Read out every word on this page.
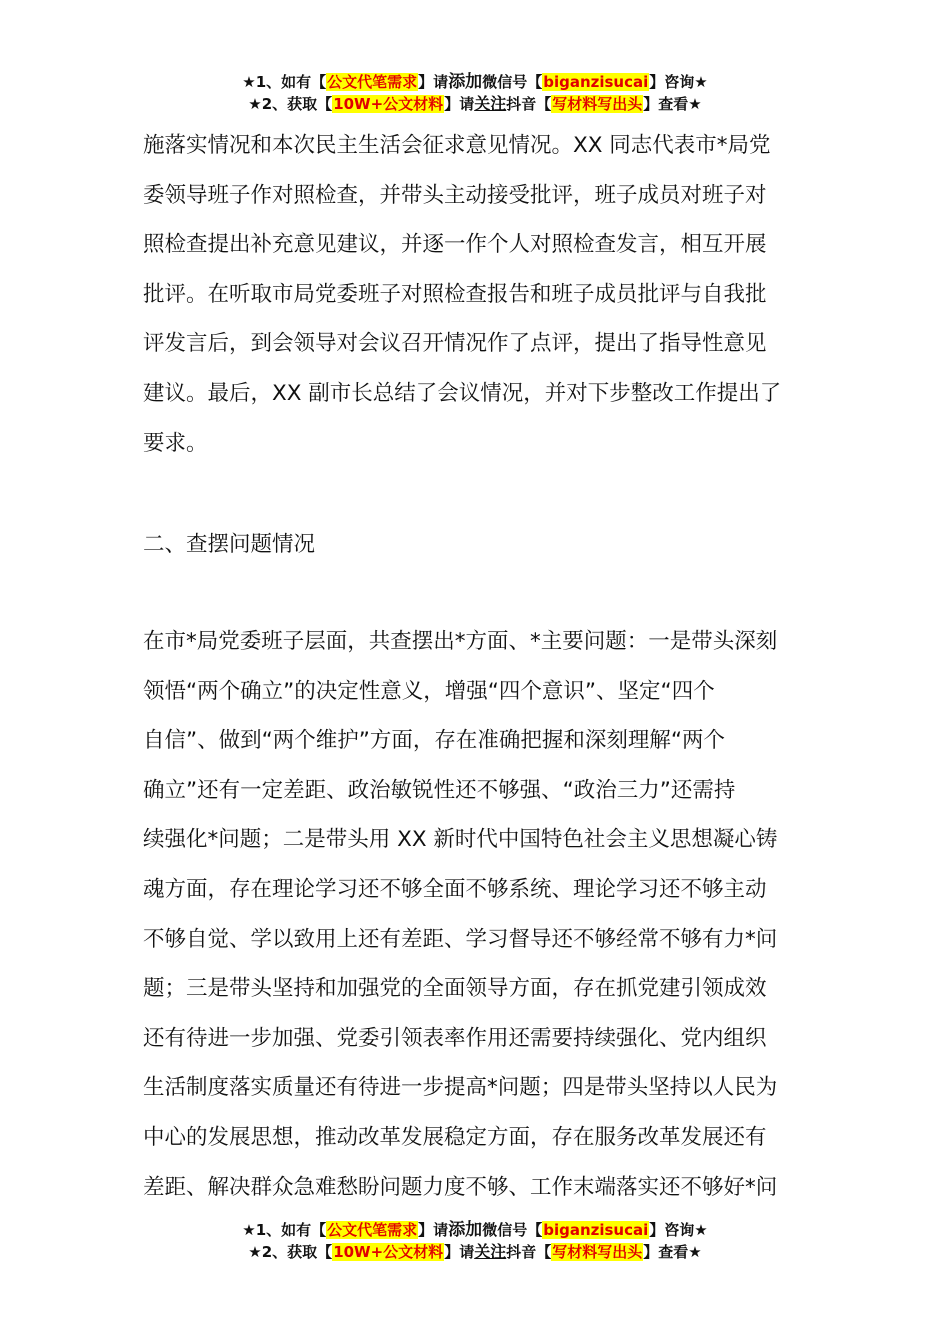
★1、如有【公文代笔需求】请添加微信号【biganzisucai】咨询★
★2、获取【10W+公文材料】请关注抖音【写材料写出头】查看★
施落实情况和本次民主生活会征求意见情况。XX 同志代表市*局党
委领导班子作对照检查，并带头主动接受批评，班子成员对班子对
照检查提出补充意见建议，并逐一作个人对照检查发言，相互开展
批评。在听取市局党委班子对照检查报告和班子成员批评与自我批
评发言后，到会领导对会议召开情况作了点评，提出了指导性意见
建议。最后，XX 副市长总结了会议情况，并对下步整改工作提出了
要求。
二、查摆问题情况
在市*局党委班子层面，共查摆出*方面、*主要问题：一是带头深刻
领悟“两个确立”的决定性意义，增强“四个意识”、坚定“四个
自信”、做到“两个维护”方面，存在准确把握和深刻理解“两个
确立”还有一定差距、政治敏锐性还不够强、“政治三力”还需持
续强化*问题；二是带头用 XX 新时代中国特色社会主义思想凝心铸
魂方面，存在理论学习还不够全面不够系统、理论学习还不够主动
不够自觉、学以致用上还有差距、学习督导还不够经常不够有力*问
题；三是带头坚持和加强党的全面领导方面，存在抓党建引领成效
还有待进一步加强、党委引领表率作用还需要持续强化、党内组织
生活制度落实质量还有待进一步提高*问题；四是带头坚持以人民为
中心的发展思想，推动改革发展稳定方面，存在服务改革发展还有
差距、解决群众急难愁盼问题力度不够、工作末端落实还不够好*问
★1、如有【公文代笔需求】请添加微信号【biganzisucai】咨询★
★2、获取【10W+公文材料】请关注抖音【写材料写出头】查看★
